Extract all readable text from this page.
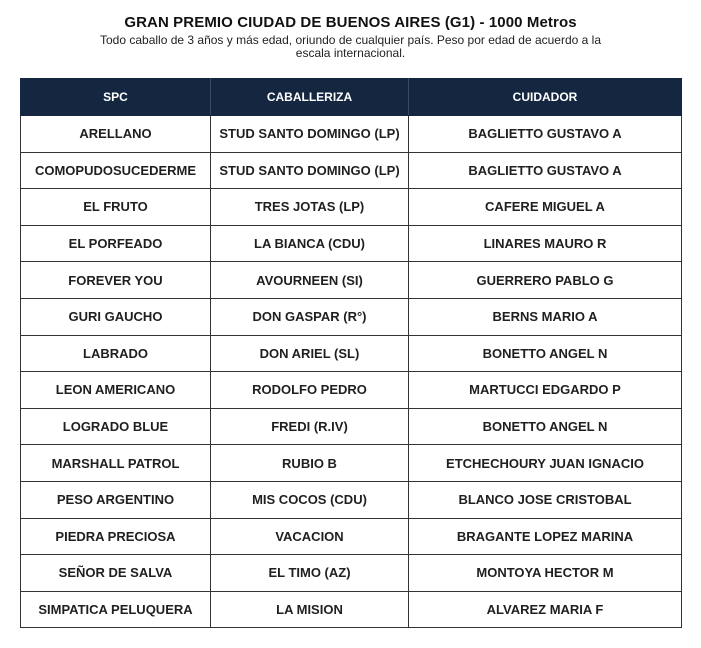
GRAN PREMIO CIUDAD DE BUENOS AIRES (G1) - 1000 Metros
Todo caballo de 3 años y más edad, oriundo de cualquier país. Peso por edad de acuerdo a la escala internacional.
SPC	CABALLERIZA	CUIDADOR
ARELLANO	STUD SANTO DOMINGO (LP)	BAGLIETTO GUSTAVO A
COMOPUDOSUCEDERME	STUD SANTO DOMINGO (LP)	BAGLIETTO GUSTAVO A
EL FRUTO	TRES JOTAS (LP)	CAFERE MIGUEL A
EL PORFEADO	LA BIANCA (CDU)	LINARES MAURO R
FOREVER YOU	AVOURNEEN (SI)	GUERRERO PABLO G
GURI GAUCHO	DON GASPAR (R°)	BERNS MARIO A
LABRADO	DON ARIEL (SL)	BONETTO ANGEL N
LEON AMERICANO	RODOLFO PEDRO	MARTUCCI EDGARDO P
LOGRADO BLUE	FREDI (R.IV)	BONETTO ANGEL N
MARSHALL PATROL	RUBIO B	ETCHECHOURY JUAN IGNACIO
PESO ARGENTINO	MIS COCOS (CDU)	BLANCO JOSE CRISTOBAL
PIEDRA PRECIOSA	VACACION	BRAGANTE LOPEZ MARINA
SEÑOR DE SALVA	EL TIMO (AZ)	MONTOYA HECTOR M
SIMPATICA PELUQUERA	LA MISION	ALVAREZ MARIA F
